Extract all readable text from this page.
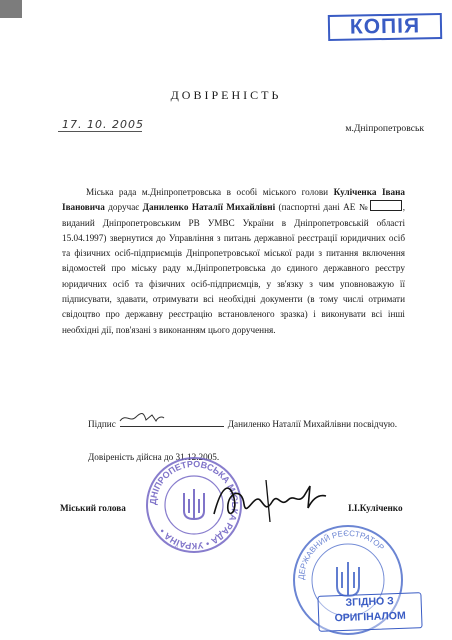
КОПІЯ
ДОВІРЕНІСТЬ
17. 10. 2005	м.Дніпропетровськ
Міська рада м.Дніпропетровська в особі міського голови Куліченка Івана Івановича доручає Даниленко Наталії Михайлівні (паспортні дані АЕ №	, виданий Дніпропетровським РВ УМВС України в Дніпропетровській області 15.04.1997) звернутися до Управління з питань державної реєстрації юридичних осіб та фізичних осіб-підприємців Дніпропетровської міської ради з питання включення відомостей про міську раду м.Дніпропетровська до єдиного державного реєстру юридичних осіб та фізичних осіб-підприємців, у зв'язку з чим уповноважую її підписувати, здавати, отримувати всі необхідні документи (в тому числі отримати свідоцтво про державну реєстрацію встановленого зразка) і виконувати всі інші необхідні дії, пов'язані з виконанням цього доручення.
Підпис	Даниленко Наталії Михайлівни посвідчую.
Довіреність дійсна до 31.12.2005.
ДНІПРОПЕТРОВСЬКА МІСЬКА РАДА • УКРАЇНА •
Міський голова	І.І.Куліченко
ДЕРЖАВНИЙ РЕЄСТРАТОР
ЗГІДНО З
ОРИГІНАЛОМ
